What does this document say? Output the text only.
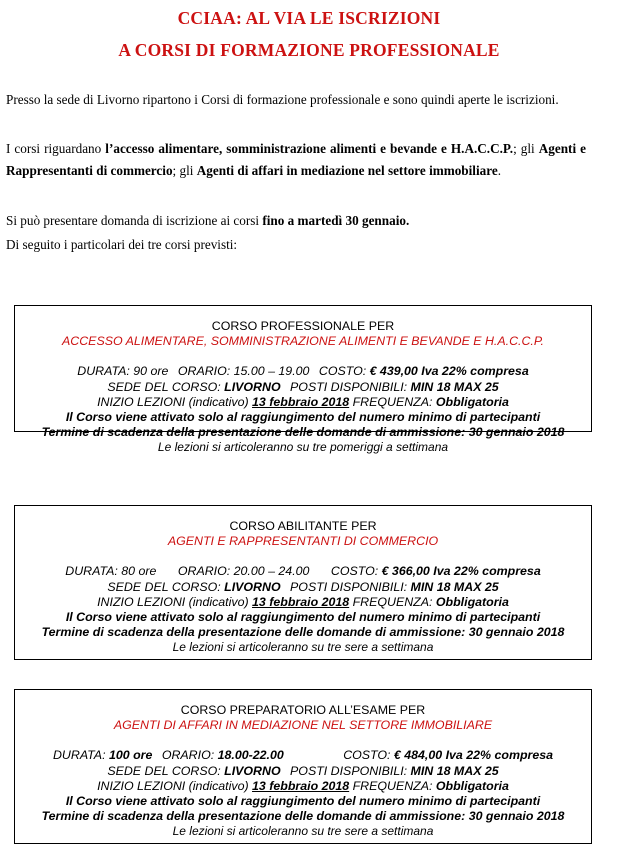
CCIAA: AL VIA LE ISCRIZIONI
A CORSI DI FORMAZIONE PROFESSIONALE

Presso la sede di Livorno ripartono i Corsi di formazione professionale e sono quindi aperte le iscrizioni.

I corsi riguardano l’accesso alimentare, somministrazione alimenti e bevande e H.A.C.C.P.; gli Agenti e Rappresentanti di commercio; gli Agenti di affari in mediazione nel settore immobiliare.

Si può presentare domanda di iscrizione ai corsi fino a martedì 30 gennaio.

Di seguito i particolari dei tre corsi previsti:

CORSO PROFESSIONALE PER
ACCESSO ALIMENTARE, SOMMINISTRAZIONE ALIMENTI E BEVANDE E H.A.C.C.P.
DURATA: 90 ore ORARIO: 15.00 – 19.00 COSTO: € 439,00 Iva 22% compresa
SEDE DEL CORSO: LIVORNO POSTI DISPONIBILI: MIN 18 MAX 25
INIZIO LEZIONI (indicativo) 13 febbraio 2018 FREQUENZA: Obbligatoria
Il Corso viene attivato solo al raggiungimento del numero minimo di partecipanti
Termine di scadenza della presentazione delle domande di ammissione: 30 gennaio 2018
Le lezioni si articoleranno su tre pomeriggi a settimana
CORSO ABILITANTE PER
AGENTI E RAPPRESENTANTI DI COMMERCIO
DURATA: 80 ore ORARIO: 20.00 – 24.00 COSTO: € 366,00 Iva 22% compresa
SEDE DEL CORSO: LIVORNO POSTI DISPONIBILI: MIN 18 MAX 25
INIZIO LEZIONI (indicativo) 13 febbraio 2018 FREQUENZA: Obbligatoria
Il Corso viene attivato solo al raggiungimento del numero minimo di partecipanti
Termine di scadenza della presentazione delle domande di ammissione: 30 gennaio 2018
Le lezioni si articoleranno su tre sere a settimana
CORSO PREPARATORIO ALL’ESAME PER
AGENTI DI AFFARI IN MEDIAZIONE NEL SETTORE IMMOBILIARE
DURATA: 100 ore ORARIO: 18.00-22.00	COSTO: € 484,00 Iva 22% compresa
SEDE DEL CORSO: LIVORNO POSTI DISPONIBILI: MIN 18 MAX 25
INIZIO LEZIONI (indicativo) 13 febbraio 2018 FREQUENZA: Obbligatoria
Il Corso viene attivato solo al raggiungimento del numero minimo di partecipanti
Termine di scadenza della presentazione delle domande di ammissione: 30 gennaio 2018
Le lezioni si articoleranno su tre sere a settimana
